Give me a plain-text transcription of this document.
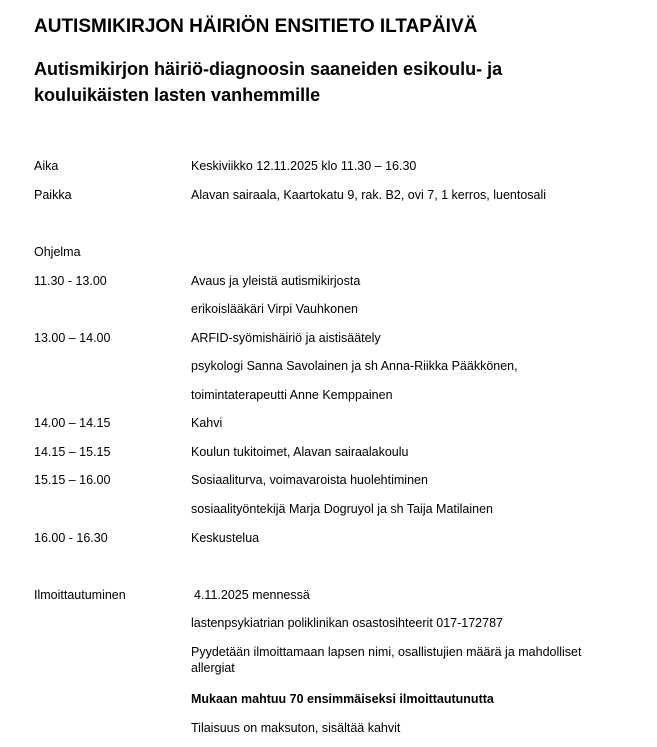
AUTISMIKIRJON HÄIRIÖN ENSITIETO ILTAPÄIVÄ
Autismikirjon häiriö-diagnoosin saaneiden esikoulu- ja kouluikäisten lasten vanhemmille
Aika	Keskiviikko 12.11.2025 klo 11.30 – 16.30
Paikka	Alavan sairaala, Kaartokatu 9, rak. B2, ovi 7, 1 kerros, luentosali
Ohjelma
11.30 - 13.00	Avaus ja yleistä autismikirjosta
erikoislääkäri Virpi Vauhkonen
13.00 – 14.00	ARFID-syömishäiriö ja aistisäätely
psykologi Sanna Savolainen ja sh Anna-Riikka Pääkkönen,
toimintaterapeutti Anne Kemppainen
14.00 – 14.15	Kahvi
14.15 – 15.15	Koulun tukitoimet, Alavan sairaalakoulu
15.15 – 16.00	Sosiaaliturva, voimavaroista huolehtiminen
sosiaalityöntekijä Marja Dogruyol ja sh Taija Matilainen
16.00 - 16.30	Keskustelua
Ilmoittautuminen	4.11.2025 mennessä
lastenpsykiatrian poliklinikan osastosihteerit 017-172787
Pyydetään ilmoittamaan lapsen nimi, osallistujien määrä ja mahdolliset allergiat
Mukaan mahtuu 70 ensimmäiseksi ilmoittautunutta
Tilaisuus on maksuton, sisältää kahvit
